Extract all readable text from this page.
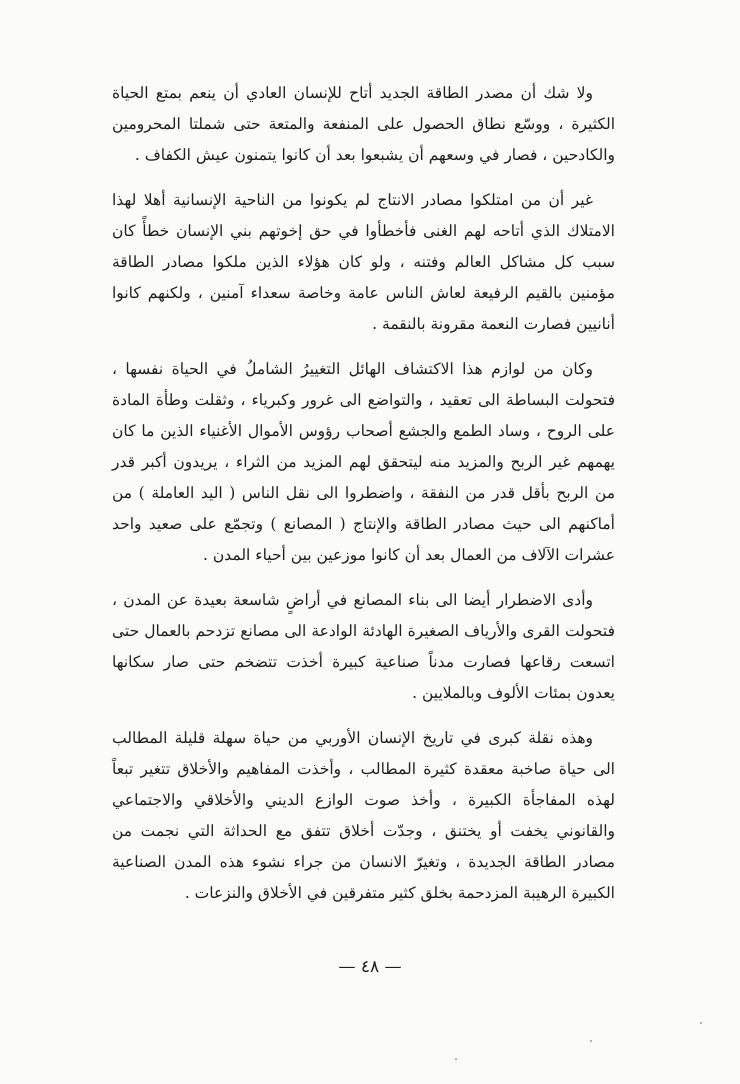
ولا شك أن مصدر الطاقة الجديد أتاح للإنسان العادي أن ينعم بمتع الحياة الكثيرة ، ووسّع نطاق الحصول على المنفعة والمتعة حتى شملتا المحرومين والكادحين ، فصار في وسعهم أن يشبعوا بعد أن كانوا يتمنون عيش الكفاف .

غير أن من امتلكوا مصادر الانتاج لم يكونوا من الناحية الإنسانية أهلا لهذا الامتلاك الذي أتاحه لهم الغنى فأخطأوا في حق إخوتهم بني الإنسان خطأً كان سبب كل مشاكل العالم وفتنه ، ولو كان هؤلاء الذين ملكوا مصادر الطاقة مؤمنين بالقيم الرفيعة لعاش الناس عامة وخاصة سعداء آمنين ، ولكنهم كانوا أنانيين فصارت النعمة مقرونة بالنقمة .

وكان من لوازم هذا الاكتشاف الهائل التغييرُ الشاملُ في الحياة نفسها ، فتحولت البساطة الى تعقيد ، والتواضع الى غرور وكبرياء ، وثقلت وطأة المادة على الروح ، وساد الطمع والجشع أصحاب رؤوس الأموال الأغنياء الذين ما كان يهمهم غير الربح والمزيد منه ليتحقق لهم المزيد من الثراء ، يريدون أكبر قدر من الربح بأقل قدر من النفقة ، واضطروا الى نقل الناس ( اليد العاملة ) من أماكنهم الى حيث مصادر الطاقة والإنتاج ( المصانع ) وتجمّع على صعيد واحد عشرات الآلاف من العمال بعد أن كانوا موزعين بين أحياء المدن .

وأدى الاضطرار أيضا الى بناء المصانع في أراضٍ شاسعة بعيدة عن المدن ، فتحولت القرى والأرياف الصغيرة الهادئة الوادعة الى مصانع تزدحم بالعمال حتى اتسعت رقاعها فصارت مدناً صناعية كبيرة أخذت تتضخم حتى صار سكانها يعدون بمئات الألوف وبالملايين .

وهذه نقلة كبرى في تاريخ الإنسان الأوربي من حياة سهلة قليلة المطالب الى حياة صاخبة معقدة كثيرة المطالب ، وأخذت المفاهيم والأخلاق تتغير تبعاً لهذه المفاجأة الكبيرة ، وأخذ صوت الوازع الديني والأخلاقي والاجتماعي والقانوني يخفت أو يختنق ، وجدّت أخلاق تتفق مع الحداثة التي نجمت من مصادر الطاقة الجديدة ، وتغيرّ الانسان من جراء نشوء هذه المدن الصناعية الكبيرة الرهيبة المزدحمة بخلق كثير متفرقين في الأخلاق والنزعات .

— ٤٨ —
